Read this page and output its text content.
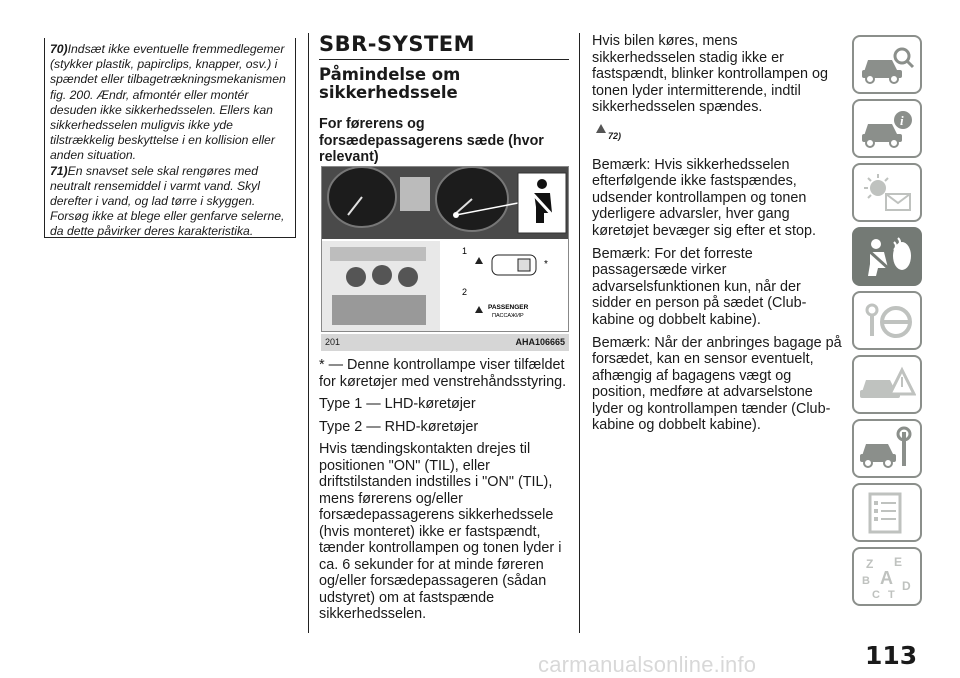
70)Indsæt ikke eventuelle fremmedlegemer (stykker plastik, papirclips, knapper, osv.) i spændet eller tilbagetrækningsmekanismen fig. 200. Ændr, afmontér eller montér desuden ikke sikkerhedsselen. Ellers kan sikkerhedsselen muligvis ikke yde tilstrækkelig beskyttelse i en kollision eller anden situation.

71)En snavset sele skal rengøres med neutralt rensemiddel i varmt vand. Skyl derefter i vand, og lad tørre i skyggen. Forsøg ikke at blege eller genfarve selerne, da dette påvirker deres karakteristika.

SBR-SYSTEM
Påmindelse om sikkerhedssele
For førerens og forsædepassagerens sæde (hvor relevant)
1
2
*
PASSENGER
ПАССАЖИР
201	AHA106665

* — Denne kontrollampe viser tilfældet for køretøjer med venstrehåndsstyring.

Type 1 — LHD-køretøjer

Type 2 — RHD-køretøjer

Hvis tændingskontakten drejes til positionen "ON" (TIL), eller driftstilstanden indstilles i "ON" (TIL), mens førerens og/eller forsædepassagerens sikkerhedssele (hvis monteret) ikke er fastspændt, tænder kontrollampen og tonen lyder i ca. 6 sekunder for at minde føreren og/eller forsædepassageren (sådan udstyret) om at fastspænde sikkerhedsselen.

Hvis bilen køres, mens sikkerhedsselen stadig ikke er fastspændt, blinker kontrollampen og tonen lyder intermitterende, indtil sikkerhedsselen spændes.

72)

Bemærk: Hvis sikkerhedsselen efterfølgende ikke fastspændes, udsender kontrollampen og tonen yderligere advarsler, hver gang køretøjet bevæger sig efter et stop.

Bemærk: For det forreste passagersæde virker advarselsfunktionen kun, når der sidder en person på sædet (Club-kabine og dobbelt kabine).

Bemærk: Når der anbringes bagage på forsædet, kan en sensor eventuelt, afhængig af bagagens vægt og position, medføre at advarselstone lyder og kontrollampen tænder (Club-kabine og dobbelt kabine).

i
Z E
B A
C T
D
113
carmanualsonline.info
